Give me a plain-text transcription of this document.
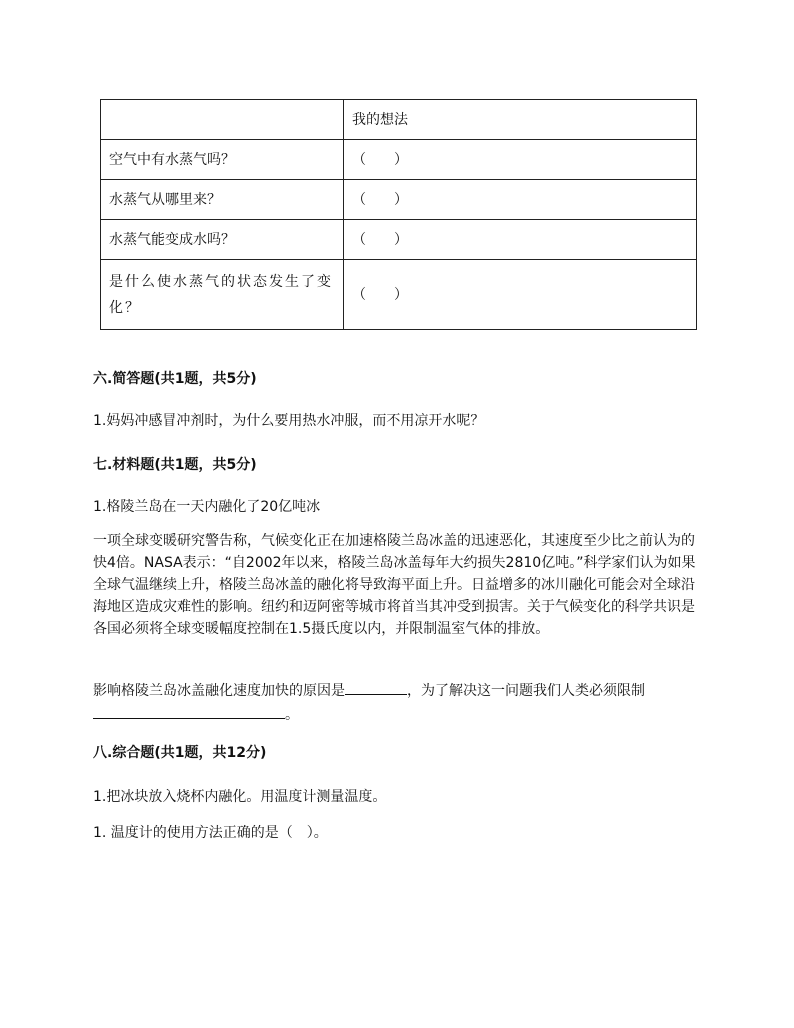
	我的想法
空气中有水蒸气吗？	（　　）
水蒸气从哪里来？	（　　）
水蒸气能变成水吗？	（　　）
是什么使水蒸气的状态发生了变化？	（　　）
六.简答题(共1题，共5分)
1.妈妈冲感冒冲剂时，为什么要用热水冲服，而不用凉开水呢？
七.材料题(共1题，共5分)
1.格陵兰岛在一天内融化了20亿吨冰
一项全球变暖研究警告称，气候变化正在加速格陵兰岛冰盖的迅速恶化，其速度至少比之前认为的快4倍。NASA表示：“自2002年以来，格陵兰岛冰盖每年大约损失2810亿吨。”科学家们认为如果全球气温继续上升，格陵兰岛冰盖的融化将导致海平面上升。日益增多的冰川融化可能会对全球沿海地区造成灾难性的影响。纽约和迈阿密等城市将首当其冲受到损害。关于气候变化的科学共识是各国必须将全球变暖幅度控制在1.5摄氏度以内，并限制温室气体的排放。
影响格陵兰岛冰盖融化速度加快的原因是	，为了解决这一问题我们人类必须限制
。
八.综合题(共1题，共12分)
1.把冰块放入烧杯内融化。用温度计测量温度。
1. 温度计的使用方法正确的是（　）。
